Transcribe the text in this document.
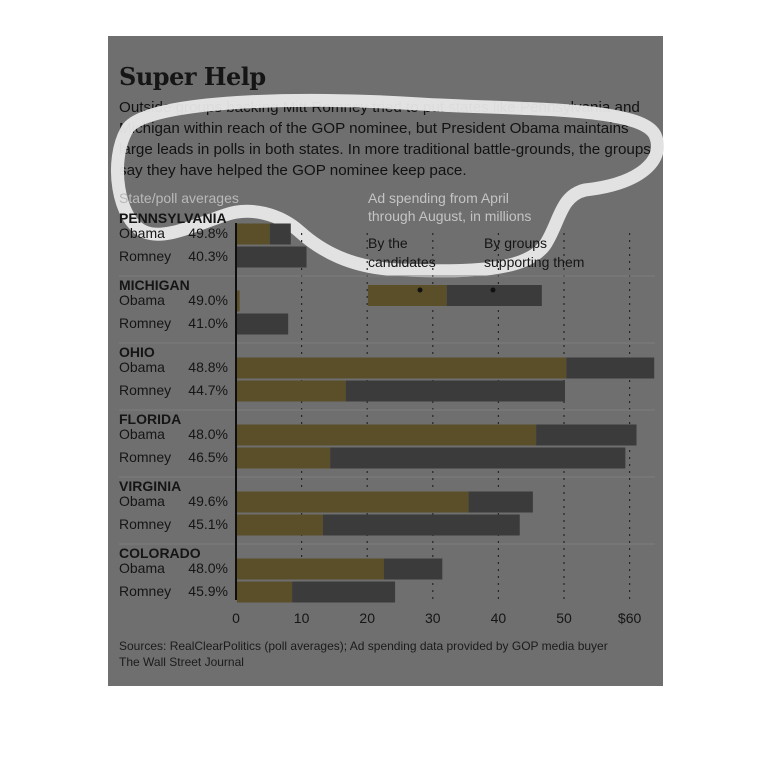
Super Help

Outside groups backing Mitt Romney tried to put states like Pennsylvania and Michigan within reach of the GOP nominee, but President Obama maintains large leads in polls in both states. In more traditional battle-grounds, the groups say they have helped the GOP nominee keep pace.

PENNSYLVANIA
Obama 49.8%
Romney 40.3%
MICHIGAN
Obama 49.0%
Romney 41.0%
OHIO
Obama 48.8%
Romney 44.7%
FLORIDA
Obama 48.0%
Romney 46.5%
VIRGINIA
Obama 49.6%
Romney 45.1%
COLORADO
Obama 48.0%
Romney 45.9%
State/poll averages
0	10	20	30	40	50	$60
Ad spending from April
through August, in millions
By the
candidates
By groups
supporting them
Sources: RealClearPolitics (poll averages); Ad spending data provided by GOP media buyer
The Wall Street Journal
